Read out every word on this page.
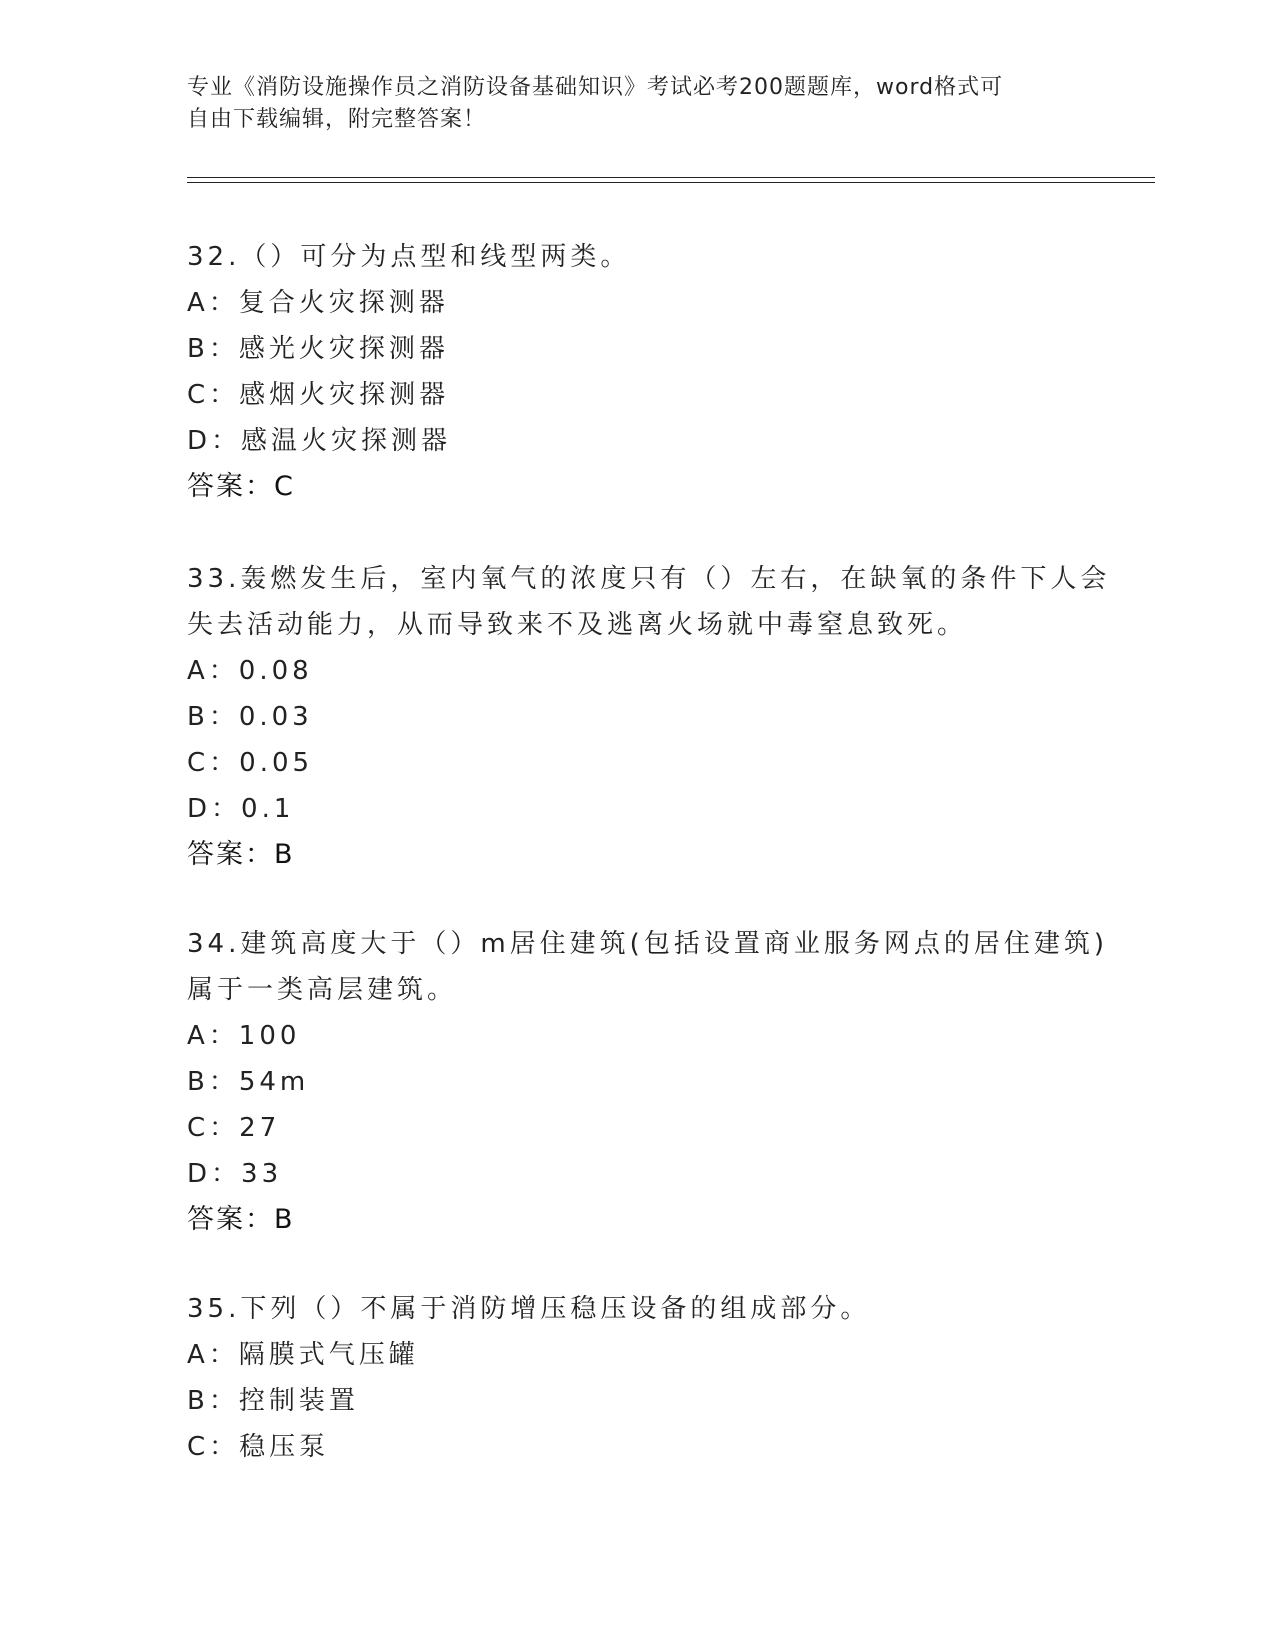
专业《消防设施操作员之消防设备基础知识》考试必考200题题库，word格式可
自由下载编辑，附完整答案！
32.（）可分为点型和线型两类。
A：复合火灾探测器
B：感光火灾探测器
C：感烟火灾探测器
D：感温火灾探测器
答案：C
33.轰燃发生后，室内氧气的浓度只有（）左右，在缺氧的条件下人会
失去活动能力，从而导致来不及逃离火场就中毒窒息致死。
A：0.08
B：0.03
C：0.05
D：0.1
答案：B
34.建筑高度大于（）m居住建筑(包括设置商业服务网点的居住建筑)
属于一类高层建筑。
A：100
B：54m
C：27
D：33
答案：B
35.下列（）不属于消防增压稳压设备的组成部分。
A：隔膜式气压罐
B：控制装置
C：稳压泵
